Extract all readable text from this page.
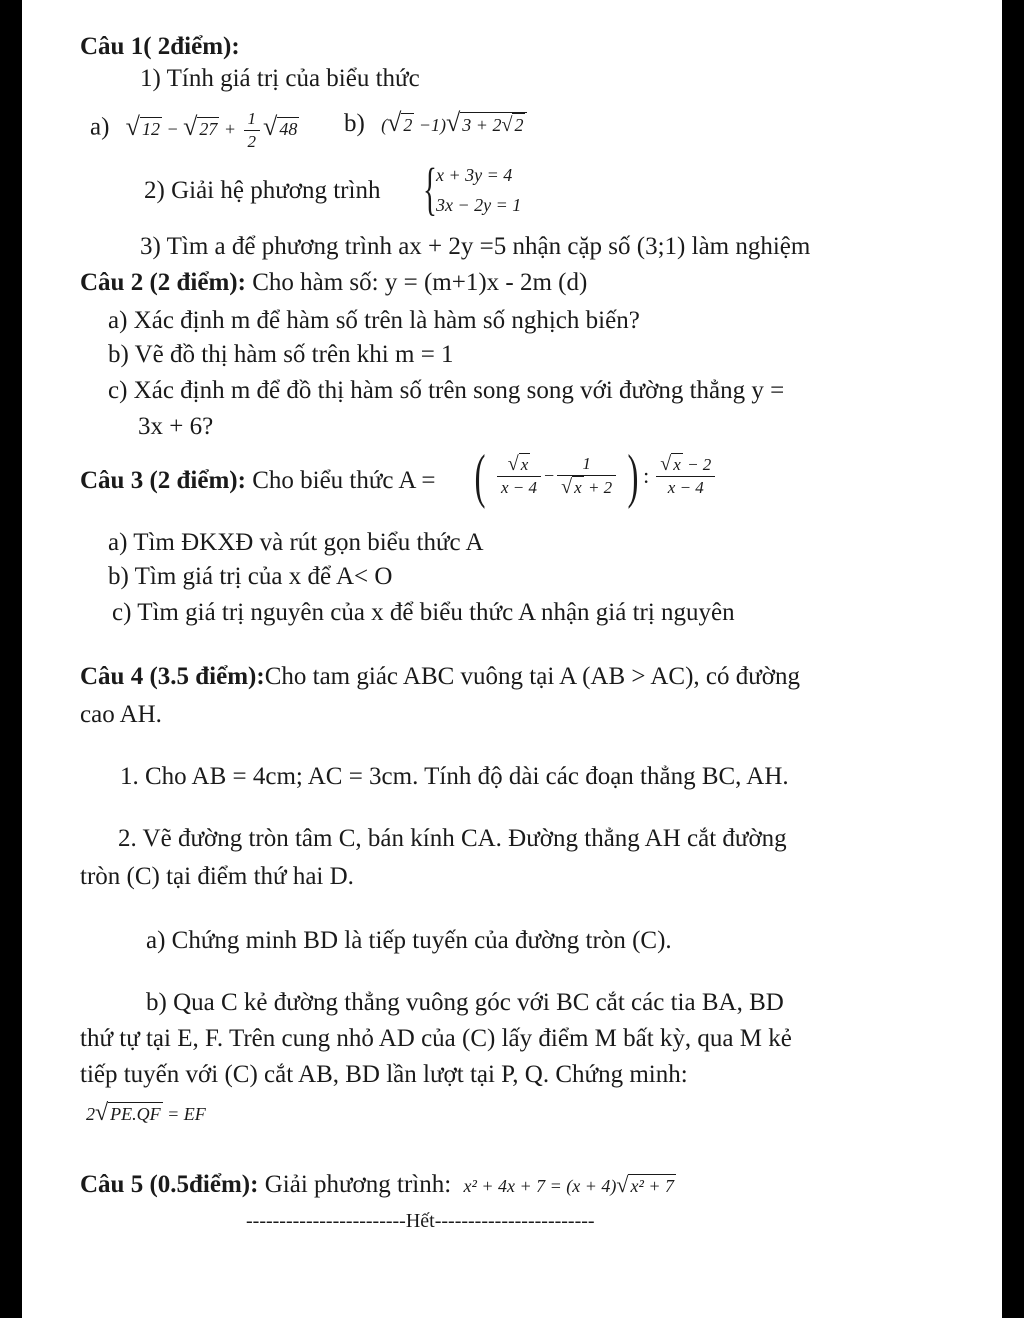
Câu 1( 2điểm):
1) Tính giá trị của biểu thức
a) √ 12 − √ $27 + \frac{1}{2}$ √ 48 b) (√ 2 −1)√ 3 + 2√ 2
2) Giải hệ phương trình { x + 3y = 4
3x − 2y = 1
3) Tìm a để phương trình ax + 2y =5 nhận cặp số (3;1) làm nghiệm
Câu 2 (2 điểm): Cho hàm số: y = (m+1)x - 2m (d)
a) Xác định m để hàm số trên là hàm số nghịch biến?
b) Vẽ đồ thị hàm số trên khi m = 1
c) Xác định m để đồ thị hàm số trên song song với đường thẳng y =
3x + 6?
Câu 3 (2 điểm): Cho biểu thức A = ( $\frac{√ x}{x - 4} - \frac{1}{√ x + 2}$ ) : $\frac{√ x - 2}{x - 4}$
a) Tìm ĐKXĐ và rút gọn biểu thức A
b) Tìm giá trị của x để A< O
c) Tìm giá trị nguyên của x để biểu thức A nhận giá trị nguyên
Câu 4 (3.5 điểm):Cho tam giác ABC vuông tại A (AB > AC), có đường
cao AH.
1. Cho AB = 4cm; AC = 3cm. Tính độ dài các đoạn thẳng BC, AH.
2. Vẽ đường tròn tâm C, bán kính CA. Đường thẳng AH cắt đường
tròn (C) tại điểm thứ hai D.
a) Chứng minh BD là tiếp tuyến của đường tròn (C).
b) Qua C kẻ đường thẳng vuông góc với BC cắt các tia BA, BD
thứ tự tại E, F. Trên cung nhỏ AD của (C) lấy điểm M bất kỳ, qua M kẻ
tiếp tuyến với (C) cắt AB, BD lần lượt tại P, Q. Chứng minh:
2√ PE.QF = EF
Câu 5 (0.5điểm): Giải phương trình: x² + 4x + 7 = (x + 4)√ x² + 7
------------------------Hết------------------------
